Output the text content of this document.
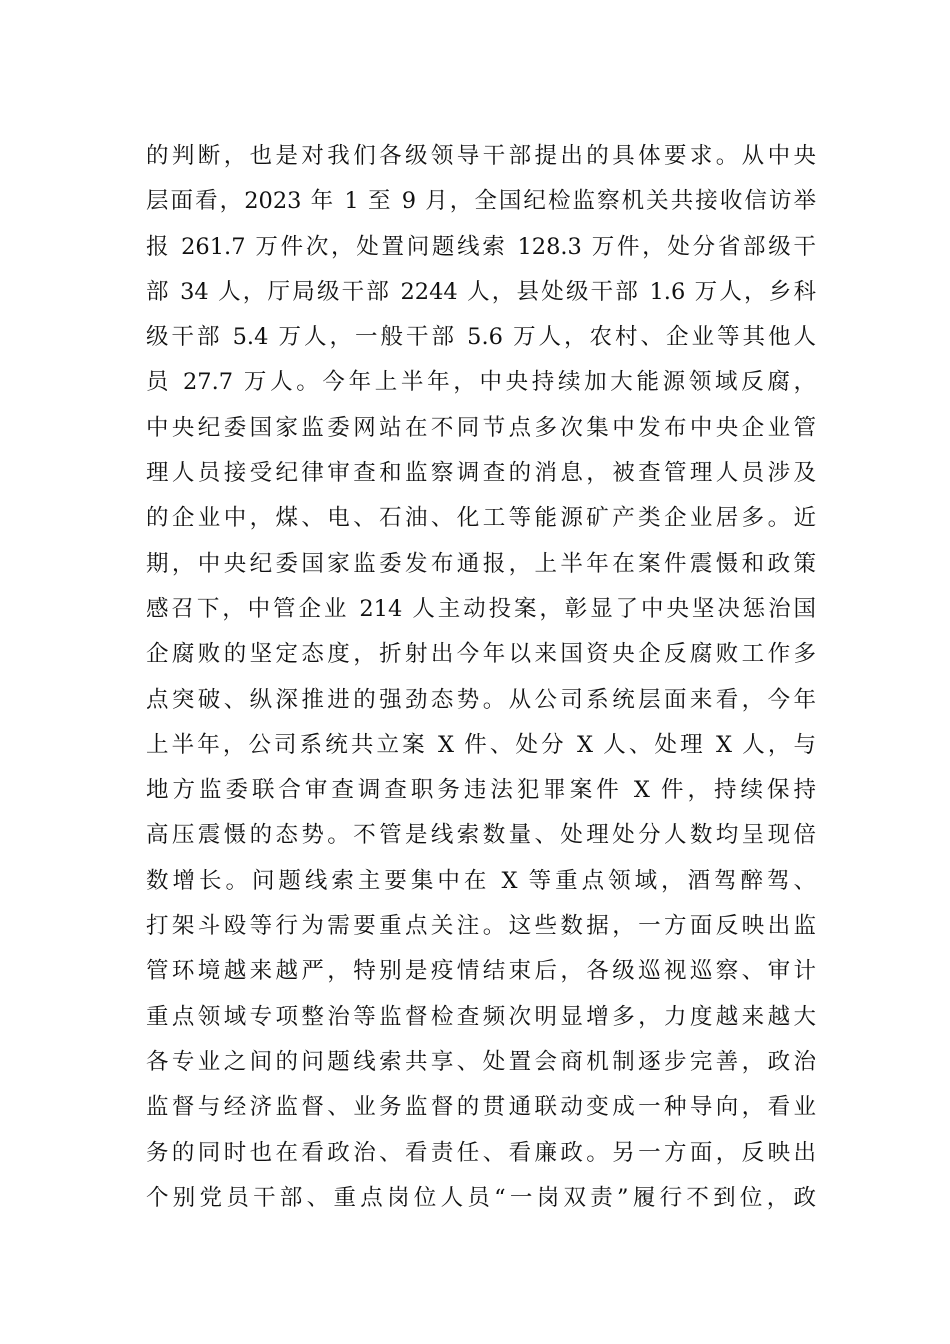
的判断，也是对我们各级领导干部提出的具体要求。从中央
层面看，2023 年 1 至 9 月，全国纪检监察机关共接收信访举
报 261.7 万件次，处置问题线索 128.3 万件，处分省部级干
部 34 人，厅局级干部 2244 人，县处级干部 1.6 万人，乡科
级干部 5.4 万人，一般干部 5.6 万人，农村、企业等其他人
员 27.7 万人。今年上半年，中央持续加大能源领域反腐，
中央纪委国家监委网站在不同节点多次集中发布中央企业管
理人员接受纪律审查和监察调查的消息，被查管理人员涉及
的企业中，煤、电、石油、化工等能源矿产类企业居多。近
期，中央纪委国家监委发布通报，上半年在案件震慑和政策
感召下，中管企业 214 人主动投案，彰显了中央坚决惩治国
企腐败的坚定态度，折射出今年以来国资央企反腐败工作多
点突破、纵深推进的强劲态势。从公司系统层面来看，今年
上半年，公司系统共立案 X 件、处分 X 人、处理 X 人，与
地方监委联合审查调查职务违法犯罪案件 X 件，持续保持
高压震慑的态势。不管是线索数量、处理处分人数均呈现倍
数增长。问题线索主要集中在 X 等重点领域，酒驾醉驾、
打架斗殴等行为需要重点关注。这些数据，一方面反映出监
管环境越来越严，特别是疫情结束后，各级巡视巡察、审计
重点领域专项整治等监督检查频次明显增多，力度越来越大
各专业之间的问题线索共享、处置会商机制逐步完善，政治
监督与经济监督、业务监督的贯通联动变成一种导向，看业
务的同时也在看政治、看责任、看廉政。另一方面，反映出
个别党员干部、重点岗位人员“一岗双责”履行不到位，政
